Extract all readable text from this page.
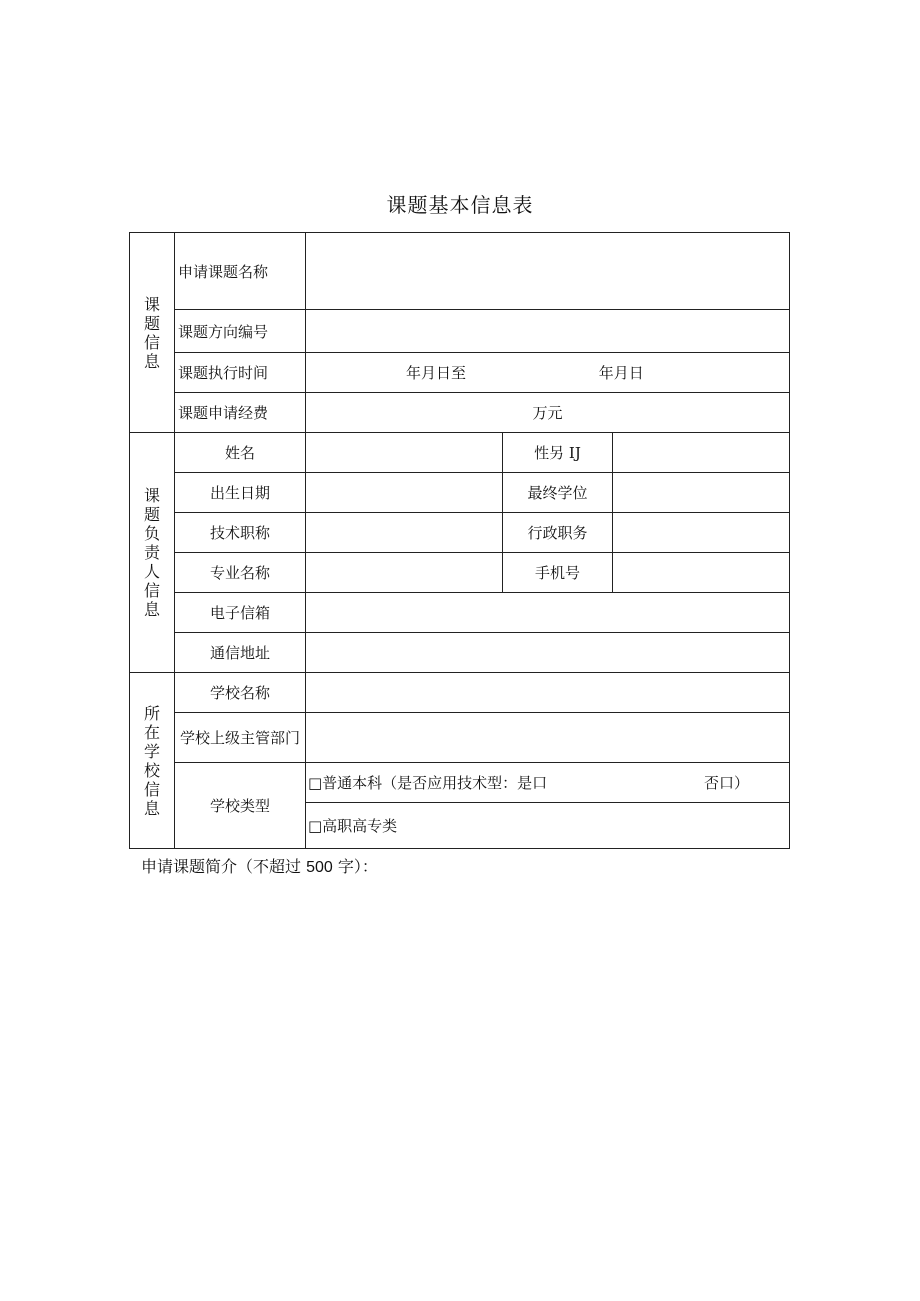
课题基本信息表
课题信息	申请课题名称			
	课题方向编号			
	课题执行时间	年月日至 年月日		
	课题申请经费	万元		
课题负责人信息	姓名		性另 IJ	
	出生日期		最终学位	
	技术职称		行政职务	
	专业名称		手机号	
	电子信箱			
	通信地址			
所在学校信息	学校名称			
	学校上级主管部门			
	学校类型	□普通本科（是否应用技术型：是口 否口）		

		□高职高专类		
申请课题简介（不超过 500 字）：
